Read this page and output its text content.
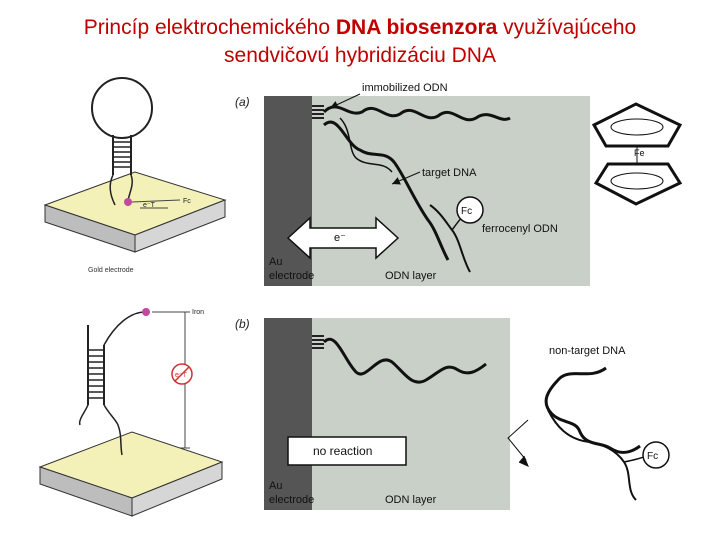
Princíp elektrochemického DNA biosenzora využívajúceho
sendvičovú hybridizáciu DNA
e⁻T
Fc
Gold electrode
Iron
e⁻T
(a)
e⁻
Fc
immobilized ODN
target DNA
ferrocenyl ODN
Au
electrode	ODN layer
Fe
(b)
no reaction
Au
electrode	ODN layer
non-target DNA
Fc
